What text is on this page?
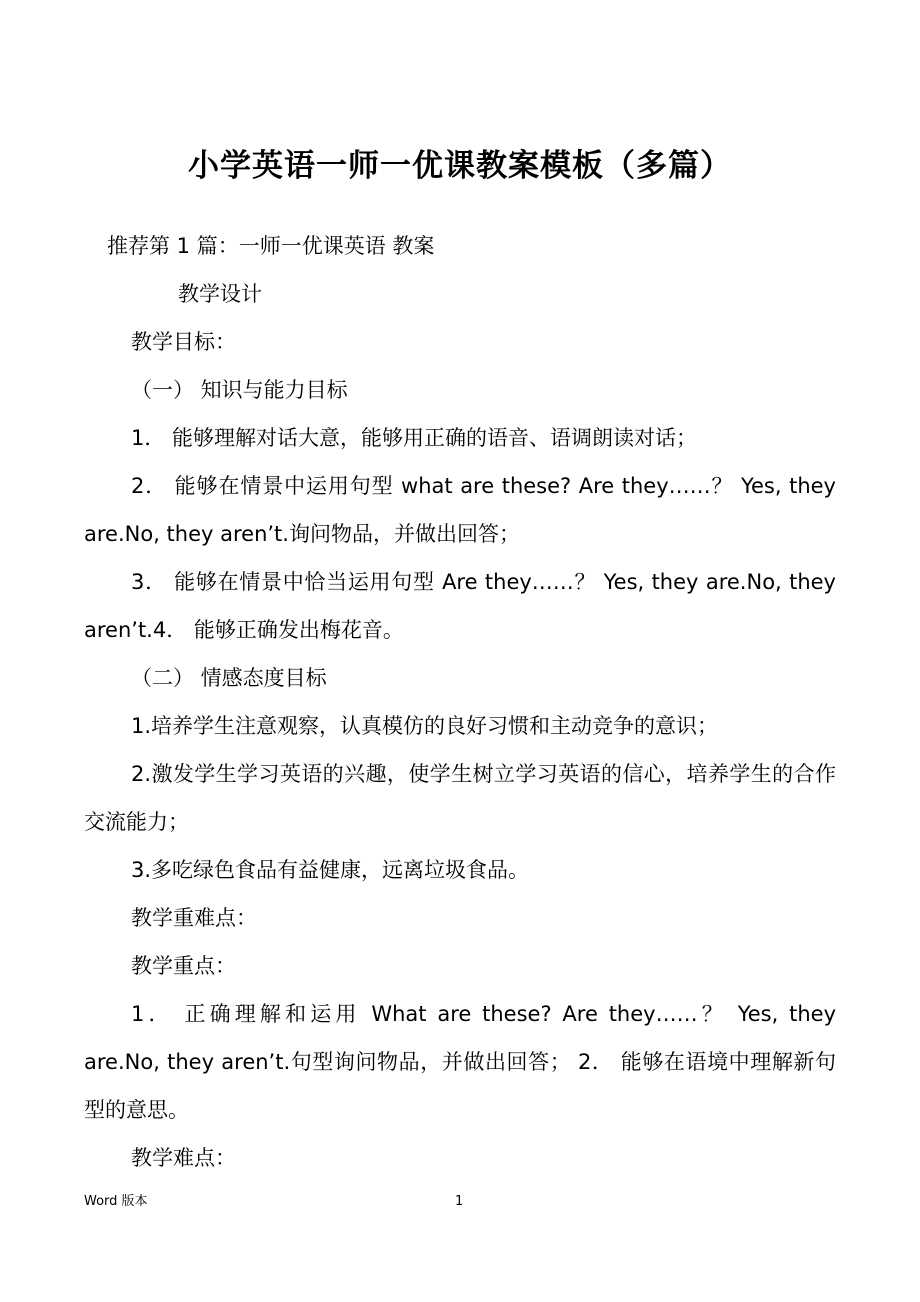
小学英语一师一优课教案模板（多篇）
推荐第 1 篇：一师一优课英语 教案
教学设计
教学目标：
（一） 知识与能力目标
1． 能够理解对话大意，能够用正确的语音、语调朗读对话；
2． 能够在情景中运用句型 what are these? Are they……？ Yes, they are.No, they aren’t.询问物品，并做出回答；
3． 能够在情景中恰当运用句型 Are they……？ Yes, they are.No, they aren’t.4． 能够正确发出梅花音。
（二） 情感态度目标
1.培养学生注意观察，认真模仿的良好习惯和主动竞争的意识；
2.激发学生学习英语的兴趣，使学生树立学习英语的信心，培养学生的合作交流能力；
3.多吃绿色食品有益健康，远离垃圾食品。
教学重难点：
教学重点：
1． 正确理解和运用 What are these? Are they……？ Yes, they are.No, they aren’t.句型询问物品，并做出回答； 2． 能够在语境中理解新句型的意思。
教学难点：
Word 版本	1
